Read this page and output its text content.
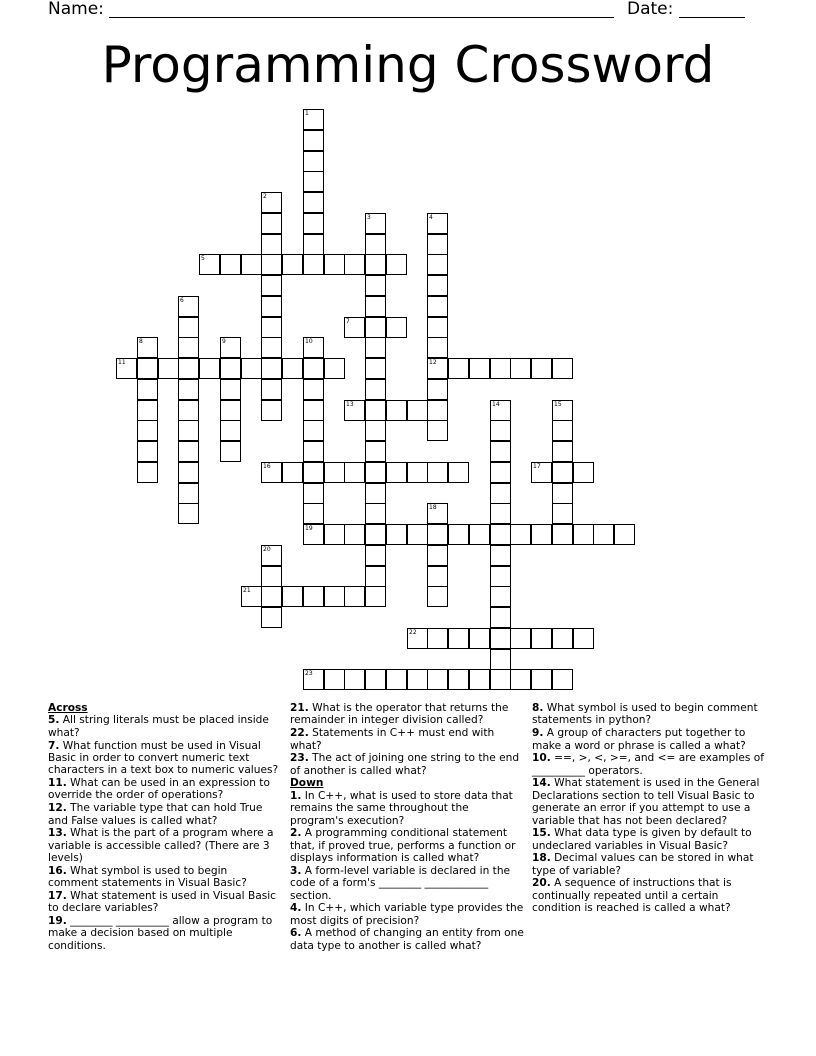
Name:	Date:
Programming Crossword
1
2
3	4
12
5
6
7
8	9	10
11
13	14	15
16	17
18
19
20
21
22
23
Across
5. All string literals must be placed inside what?
7. What function must be used in Visual Basic in order to convert numeric text characters in a text box to numeric values?
11. What can be used in an expression to override the order of operations?
12. The variable type that can hold True and False values is called what?
13. What is the part of a program where a variable is accessible called? (There are 3 levels)
16. What symbol is used to begin comment statements in Visual Basic?
17. What statement is used in Visual Basic to declare variables?
19. ________ __________ allow a program to make a decision based on multiple conditions.
21. What is the operator that returns the remainder in integer division called?
22. Statements in C++ must end with what?
23. The act of joining one string to the end of another is called what?
Down
1. In C++, what is used to store data that remains the same throughout the program's execution?
2. A programming conditional statement that, if proved true, performs a function or displays information is called what?
3. A form-level variable is declared in the code of a form's ________ ____________ section.
4. In C++, which variable type provides the most digits of precision?
6. A method of changing an entity from one data type to another is called what?
8. What symbol is used to begin comment statements in python?
9. A group of characters put together to make a word or phrase is called a what?
10. ==, >, <, >=, and <= are examples of __________ operators.
14. What statement is used in the General Declarations section to tell Visual Basic to generate an error if you attempt to use a variable that has not been declared?
15. What data type is given by default to undeclared variables in Visual Basic?
18. Decimal values can be stored in what type of variable?
20. A sequence of instructions that is continually repeated until a certain condition is reached is called a what?
